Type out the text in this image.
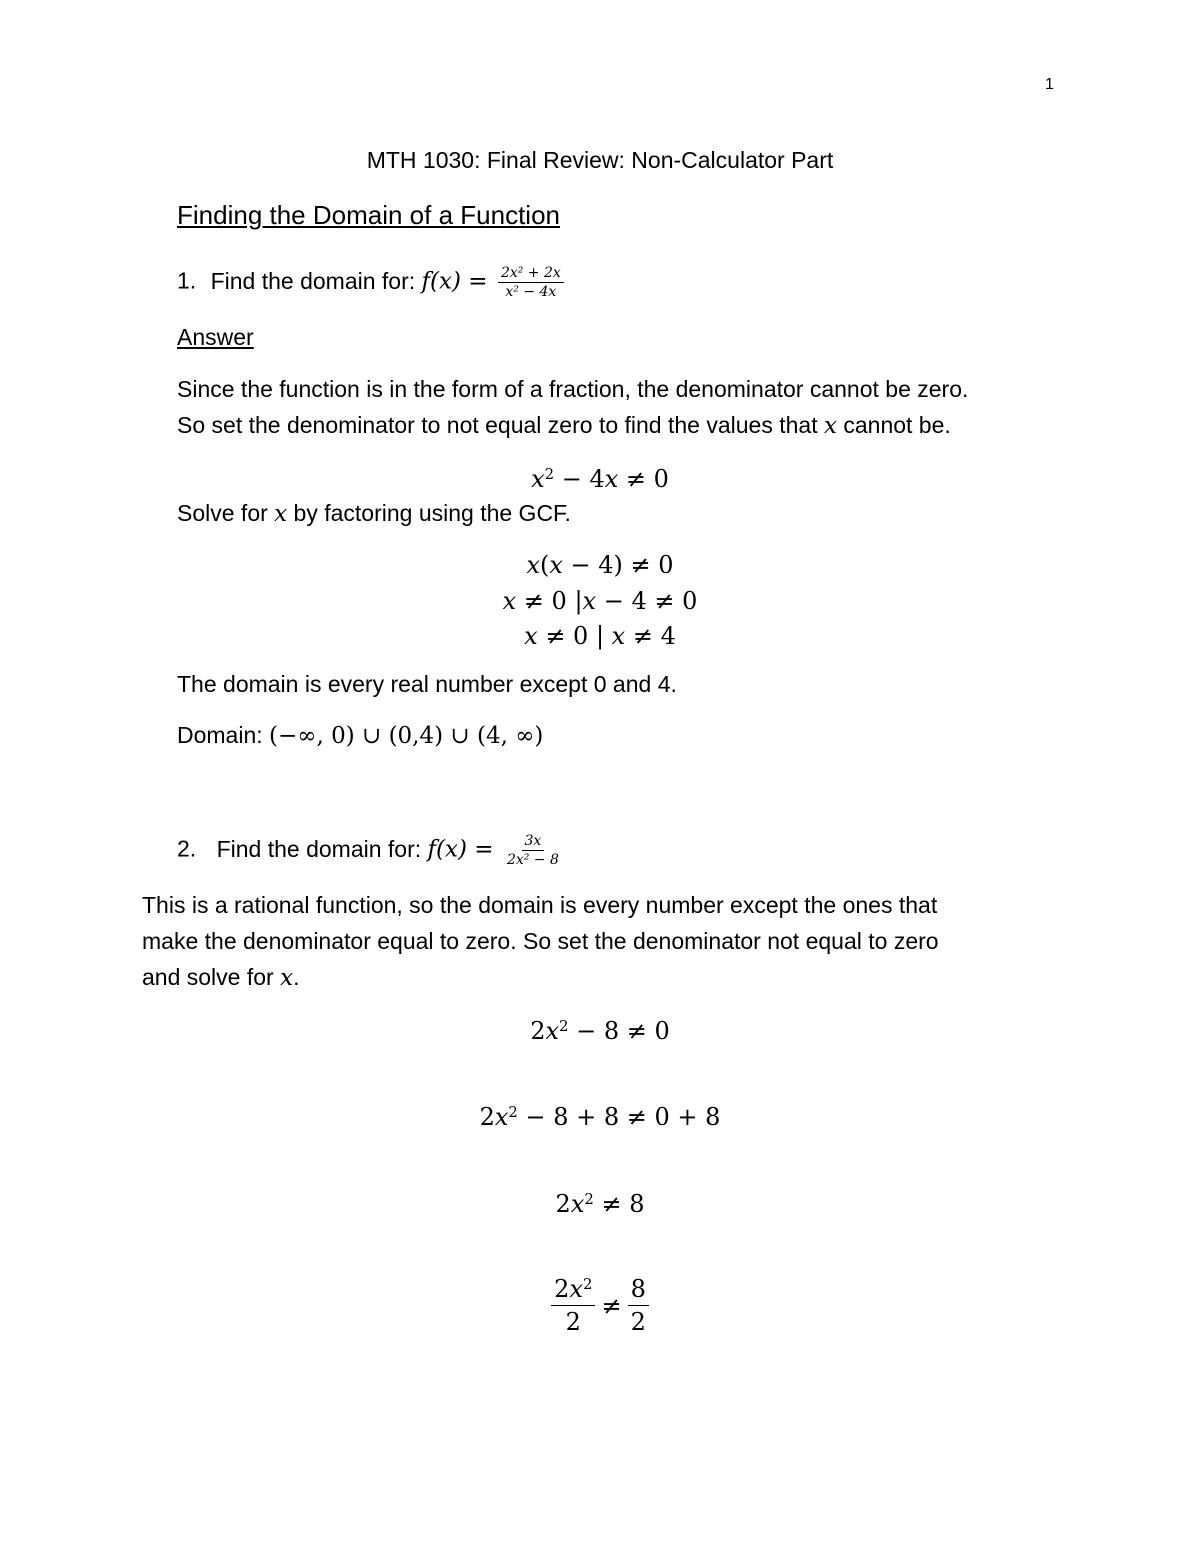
1
MTH 1030: Final Review: Non-Calculator Part
Finding the Domain of a Function
1. Find the domain for: $f(x) = \frac{\text{2x² + 2x}}{\text{x² − 4x}}$
Answer
Since the function is in the form of a fraction, the denominator cannot be zero.
So set the denominator to not equal zero to find the values that x cannot be.
$x^2 - 4x \ne 0$
Solve for x by factoring using the GCF.
x(x − 4) ≠ 0
x ≠ 0 |x − 4 ≠ 0
x ≠ 0 | x ≠ 4
The domain is every real number except 0 and 4.
Domain: (−∞, 0) ∪ (0,4) ∪ (4, ∞)
2. Find the domain for: $f(x) = \frac{3x}{\text{2x² − 8}}$
This is a rational function, so the domain is every number except the ones that
make the denominator equal to zero. So set the denominator not equal to zero
and solve for x.
$2x^2 - 8 \ne 0$
$2x^2 - 8 + 8 \ne 0 + 8$
$2x^2 \ne 8$
$\frac{2x^2}{2} \ne \frac{8}{2}$
